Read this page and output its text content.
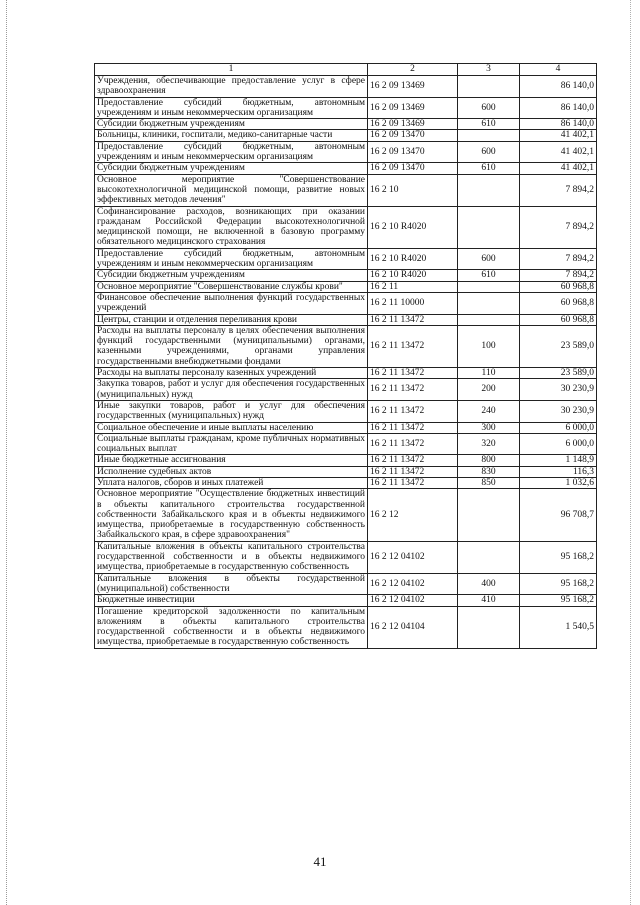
1	2	3	4
Учреждения, обеспечивающие предоставление услуг в сфере здравоохранения	16 2 09 13469		86 140,0
Предоставление субсидий бюджетным, автономным учреждениям и иным некоммерческим организациям	16 2 09 13469	600	86 140,0
Субсидии бюджетным учреждениям	16 2 09 13469	610	86 140,0
Больницы, клиники, госпитали, медико-санитарные части	16 2 09 13470		41 402,1
Предоставление субсидий бюджетным, автономным учреждениям и иным некоммерческим организациям	16 2 09 13470	600	41 402,1
Субсидии бюджетным учреждениям	16 2 09 13470	610	41 402,1
Основное мероприятие "Совершенствование высокотехнологичной медицинской помощи, развитие новых эффективных методов лечения"	16 2 10		7 894,2
Софинансирование расходов, возникающих при оказании гражданам Российской Федерации высокотехнологичной медицинской помощи, не включенной в базовую программу обязательного медицинского страхования	16 2 10 R4020		7 894,2
Предоставление субсидий бюджетным, автономным учреждениям и иным некоммерческим организациям	16 2 10 R4020	600	7 894,2
Субсидии бюджетным учреждениям	16 2 10 R4020	610	7 894,2
Основное мероприятие "Совершенствование службы крови"	16 2 11		60 968,8
Финансовое обеспечение выполнения функций государственных учреждений	16 2 11 10000		60 968,8
Центры, станции и отделения переливания крови	16 2 11 13472		60 968,8
Расходы на выплаты персоналу в целях обеспечения выполнения функций государственными (муниципальными) органами, казенными учреждениями, органами управления государственными внебюджетными фондами	16 2 11 13472	100	23 589,0
Расходы на выплаты персоналу казенных учреждений	16 2 11 13472	110	23 589,0
Закупка товаров, работ и услуг для обеспечения государственных (муниципальных) нужд	16 2 11 13472	200	30 230,9
Иные закупки товаров, работ и услуг для обеспечения государственных (муниципальных) нужд	16 2 11 13472	240	30 230,9
Социальное обеспечение и иные выплаты населению	16 2 11 13472	300	6 000,0
Социальные выплаты гражданам, кроме публичных нормативных социальных выплат	16 2 11 13472	320	6 000,0
Иные бюджетные ассигнования	16 2 11 13472	800	1 148,9
Исполнение судебных актов	16 2 11 13472	830	116,3
Уплата налогов, сборов и иных платежей	16 2 11 13472	850	1 032,6
Основное мероприятие "Осуществление бюджетных инвестиций в объекты капитального строительства государственной собственности Забайкальского края и в объекты недвижимого имущества, приобретаемые в государственную собственность Забайкальского края, в сфере здравоохранения"	16 2 12		96 708,7
Капитальные вложения в объекты капитального строительства государственной собственности и в объекты недвижимого имущества, приобретаемые в государственную собственность	16 2 12 04102		95 168,2
Капитальные вложения в объекты государственной (муниципальной) собственности	16 2 12 04102	400	95 168,2
Бюджетные инвестиции	16 2 12 04102	410	95 168,2
Погашение кредиторской задолженности по капитальным вложениям в объекты капитального строительства государственной собственности и в объекты недвижимого имущества, приобретаемые в государственную собственность	16 2 12 04104		1 540,5
41
